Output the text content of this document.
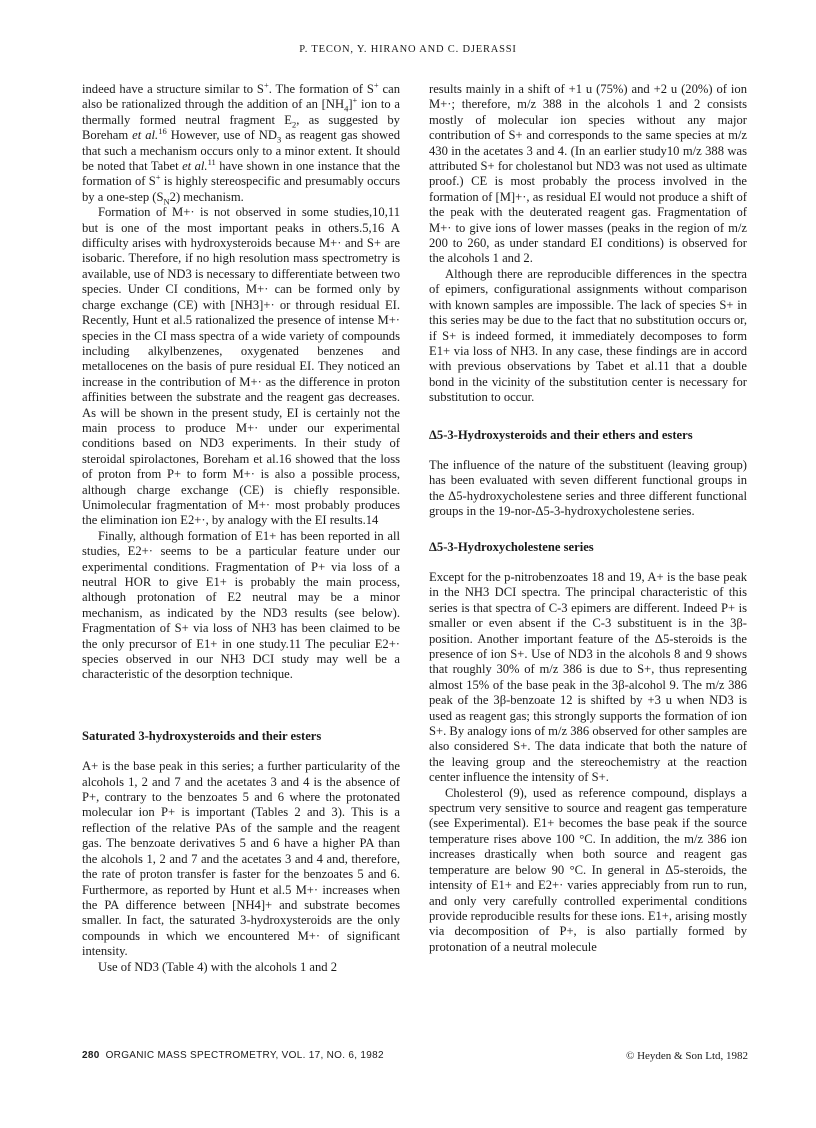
P. TECON, Y. HIRANO AND C. DJERASSI

indeed have a structure similar to S+. The formation of S+ can also be rationalized through the addition of an $[NH_4]^+$ ion to a thermally formed neutral fragment $E_2$, as suggested by Boreham et al.$^{16}$ However, use of $ND_3$ as reagent gas showed that such a mechanism occurs only to a minor extent. It should be noted that Tabet et al.$^{11}$ have shown in one instance that the formation of S+ is highly stereospecific and presumably occurs by a one-step $(S_N2)$ mechanism.

Formation of M+· is not observed in some studies,10,11 but is one of the most important peaks in others.5,16 A difficulty arises with hydroxysteroids because M+· and S+ are isobaric. Therefore, if no high resolution mass spectrometry is available, use of ND3 is necessary to differentiate between two species. Under CI conditions, M+· can be formed only by charge exchange (CE) with [NH3]+· or through residual EI. Recently, Hunt et al.5 rationalized the presence of intense M+· species in the CI mass spectra of a wide variety of compounds including alkylbenzenes, oxygenated benzenes and metallocenes on the basis of pure residual EI. They noticed an increase in the contribution of M+· as the difference in proton affinities between the substrate and the reagent gas decreases. As will be shown in the present study, EI is certainly not the main process to produce M+· under our experimental conditions based on ND3 experiments. In their study of steroidal spirolactones, Boreham et al.16 showed that the loss of proton from P+ to form M+· is also a possible process, although charge exchange (CE) is chiefly responsible. Unimolecular fragmentation of M+· most probably produces the elimination ion E2+·, by analogy with the EI results.14

Finally, although formation of E1+ has been reported in all studies, E2+· seems to be a particular feature under our experimental conditions. Fragmentation of P+ via loss of a neutral HOR to give E1+ is probably the main process, although protonation of E2 neutral may be a minor mechanism, as indicated by the ND3 results (see below). Fragmentation of S+ via loss of NH3 has been claimed to be the only precursor of E1+ in one study.11 The peculiar E2+· species observed in our NH3 DCI study may well be a characteristic of the desorption technique.

Saturated 3-hydroxysteroids and their esters

A+ is the base peak in this series; a further particularity of the alcohols 1, 2 and 7 and the acetates 3 and 4 is the absence of P+, contrary to the benzoates 5 and 6 where the protonated molecular ion P+ is important (Tables 2 and 3). This is a reflection of the relative PAs of the sample and the reagent gas. The benzoate derivatives 5 and 6 have a higher PA than the alcohols 1, 2 and 7 and the acetates 3 and 4 and, therefore, the rate of proton transfer is faster for the benzoates 5 and 6. Furthermore, as reported by Hunt et al.5 M+· increases when the PA difference between [NH4]+ and substrate becomes smaller. In fact, the saturated 3-hydroxysteroids are the only compounds in which we encountered M+· of significant intensity.

Use of ND3 (Table 4) with the alcohols 1 and 2

results mainly in a shift of +1 u (75%) and +2 u (20%) of ion M+·; therefore, m/z 388 in the alcohols 1 and 2 consists mostly of molecular ion species without any major contribution of S+ and corresponds to the same species at m/z 430 in the acetates 3 and 4. (In an earlier study10 m/z 388 was attributed S+ for cholestanol but ND3 was not used as ultimate proof.) CE is most probably the process involved in the formation of [M]+·, as residual EI would not produce a shift of the peak with the deuterated reagent gas. Fragmentation of M+· to give ions of lower masses (peaks in the region of m/z 200 to 260, as under standard EI conditions) is observed for the alcohols 1 and 2.

Although there are reproducible differences in the spectra of epimers, configurational assignments without comparison with known samples are impossible. The lack of species S+ in this series may be due to the fact that no substitution occurs or, if S+ is indeed formed, it immediately decomposes to form E1+ via loss of NH3. In any case, these findings are in accord with previous observations by Tabet et al.11 that a double bond in the vicinity of the substitution center is necessary for substitution to occur.

Δ5-3-Hydroxysteroids and their ethers and esters

The influence of the nature of the substituent (leaving group) has been evaluated with seven different functional groups in the Δ5-hydroxycholestene series and three different functional groups in the 19-nor-Δ5-3-hydroxycholestene series.

Δ5-3-Hydroxycholestene series

Except for the p-nitrobenzoates 18 and 19, A+ is the base peak in the NH3 DCI spectra. The principal characteristic of this series is that spectra of C-3 epimers are different. Indeed P+ is smaller or even absent if the C-3 substituent is in the 3β-position. Another important feature of the Δ5-steroids is the presence of ion S+. Use of ND3 in the alcohols 8 and 9 shows that roughly 30% of m/z 386 is due to S+, thus representing almost 15% of the base peak in the 3β-alcohol 9. The m/z 386 peak of the 3β-benzoate 12 is shifted by +3 u when ND3 is used as reagent gas; this strongly supports the formation of ion S+. By analogy ions of m/z 386 observed for other samples are also considered S+. The data indicate that both the nature of the leaving group and the stereochemistry at the reaction center influence the intensity of S+.

Cholesterol (9), used as reference compound, displays a spectrum very sensitive to source and reagent gas temperature (see Experimental). E1+ becomes the base peak if the source temperature rises above 100 °C. In addition, the m/z 386 ion increases drastically when both source and reagent gas temperature are below 90 °C. In general in Δ5-steroids, the intensity of E1+ and E2+· varies appreciably from run to run, and only very carefully controlled experimental conditions provide reproducible results for these ions. E1+, arising mostly via decomposition of P+, is also partially formed by protonation of a neutral molecule

280 ORGANIC MASS SPECTROMETRY, VOL. 17, NO. 6, 1982	© Heyden & Son Ltd, 1982
